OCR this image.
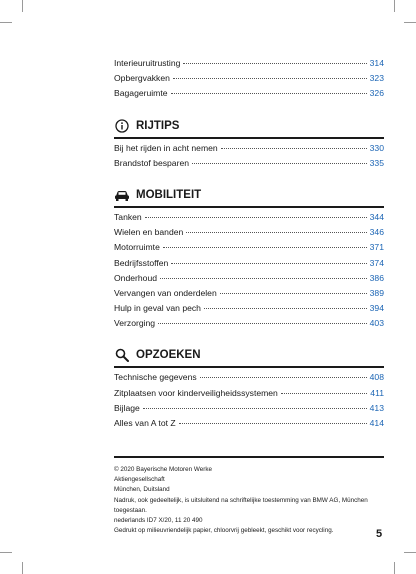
Interieuruitrusting	314
Opbergvakken	323
Bagageruimte	326
RIJTIPS
Bij het rijden in acht nemen	330
Brandstof besparen	335
MOBILITEIT
Tanken	344
Wielen en banden	346
Motorruimte	371
Bedrijfsstoffen	374
Onderhoud	386
Vervangen van onderdelen	389
Hulp in geval van pech	394
Verzorging	403
OPZOEKEN
Technische gegevens	408
Zitplaatsen voor kinderveiligheidssystemen	411
Bijlage	413
Alles van A tot Z	414
© 2020 Bayerische Motoren Werke
Aktiengesellschaft
München, Duitsland
Nadruk, ook gedeeltelijk, is uitsluitend na schriftelijke toestemming van BMW AG, München toegestaan.
nederlands ID7 X/20, 11 20 490
Gedrukt op milieuvriendelijk papier, chloorvrij gebleekt, geschikt voor recycling.	5
